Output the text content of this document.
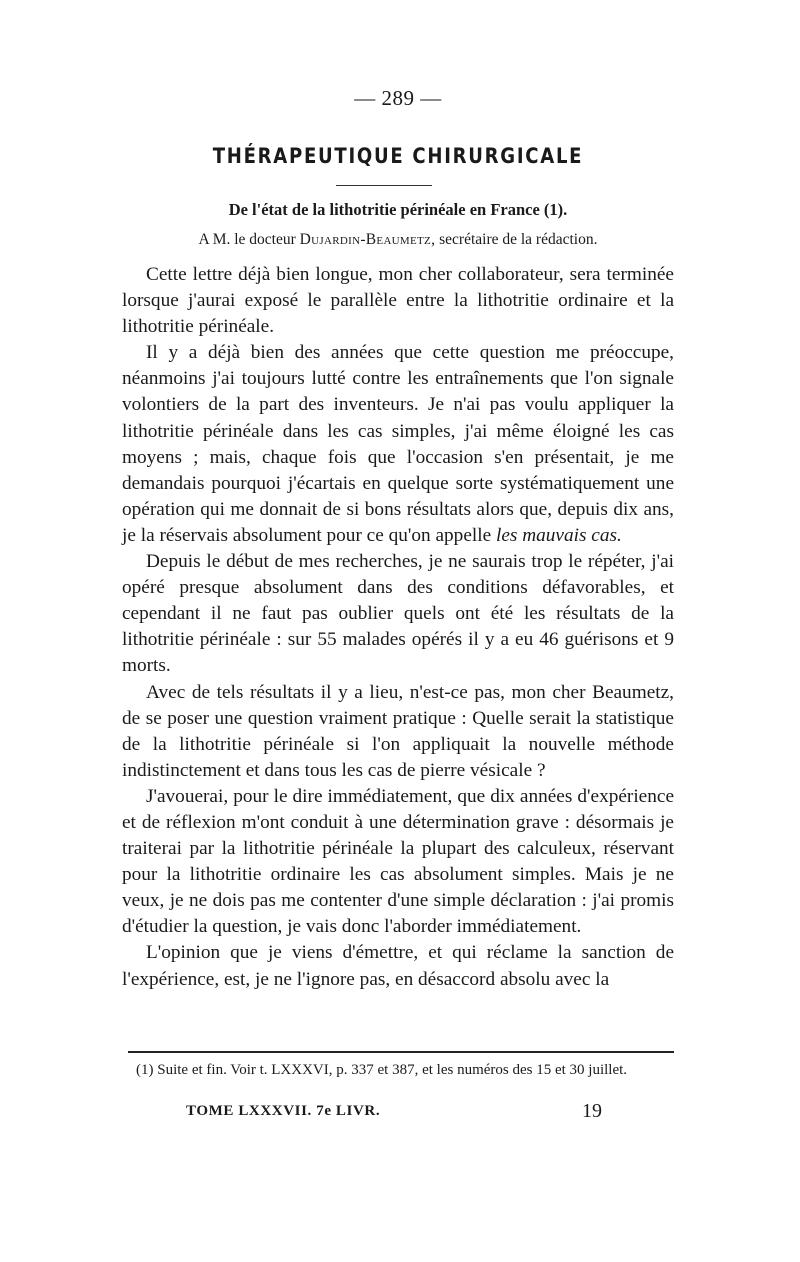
— 289 —
THÉRAPEUTIQUE CHIRURGICALE
De l'état de la lithotritie périnéale en France (1).
A M. le docteur Dujardin-Beaumetz, secrétaire de la rédaction.

Cette lettre déjà bien longue, mon cher collaborateur, sera terminée lorsque j'aurai exposé le parallèle entre la lithotritie ordinaire et la lithotritie périnéale.

Il y a déjà bien des années que cette question me préoccupe, néanmoins j'ai toujours lutté contre les entraînements que l'on signale volontiers de la part des inventeurs. Je n'ai pas voulu appliquer la lithotritie périnéale dans les cas simples, j'ai même éloigné les cas moyens ; mais, chaque fois que l'occasion s'en présentait, je me demandais pourquoi j'écartais en quelque sorte systématiquement une opération qui me donnait de si bons résultats alors que, depuis dix ans, je la réservais absolument pour ce qu'on appelle les mauvais cas.

Depuis le début de mes recherches, je ne saurais trop le répéter, j'ai opéré presque absolument dans des conditions défavorables, et cependant il ne faut pas oublier quels ont été les résultats de la lithotritie périnéale : sur 55 malades opérés il y a eu 46 guérisons et 9 morts.

Avec de tels résultats il y a lieu, n'est-ce pas, mon cher Beaumetz, de se poser une question vraiment pratique : Quelle serait la statistique de la lithotritie périnéale si l'on appliquait la nouvelle méthode indistinctement et dans tous les cas de pierre vésicale ?

J'avouerai, pour le dire immédiatement, que dix années d'expérience et de réflexion m'ont conduit à une détermination grave : désormais je traiterai par la lithotritie périnéale la plupart des calculeux, réservant pour la lithotritie ordinaire les cas absolument simples. Mais je ne veux, je ne dois pas me contenter d'une simple déclaration : j'ai promis d'étudier la question, je vais donc l'aborder immédiatement.

L'opinion que je viens d'émettre, et qui réclame la sanction de l'expérience, est, je ne l'ignore pas, en désaccord absolu avec la

(1) Suite et fin. Voir t. LXXXVI, p. 337 et 387, et les numéros des 15 et 30 juillet.

TOME LXXXVII. 7e LIVR.	19
